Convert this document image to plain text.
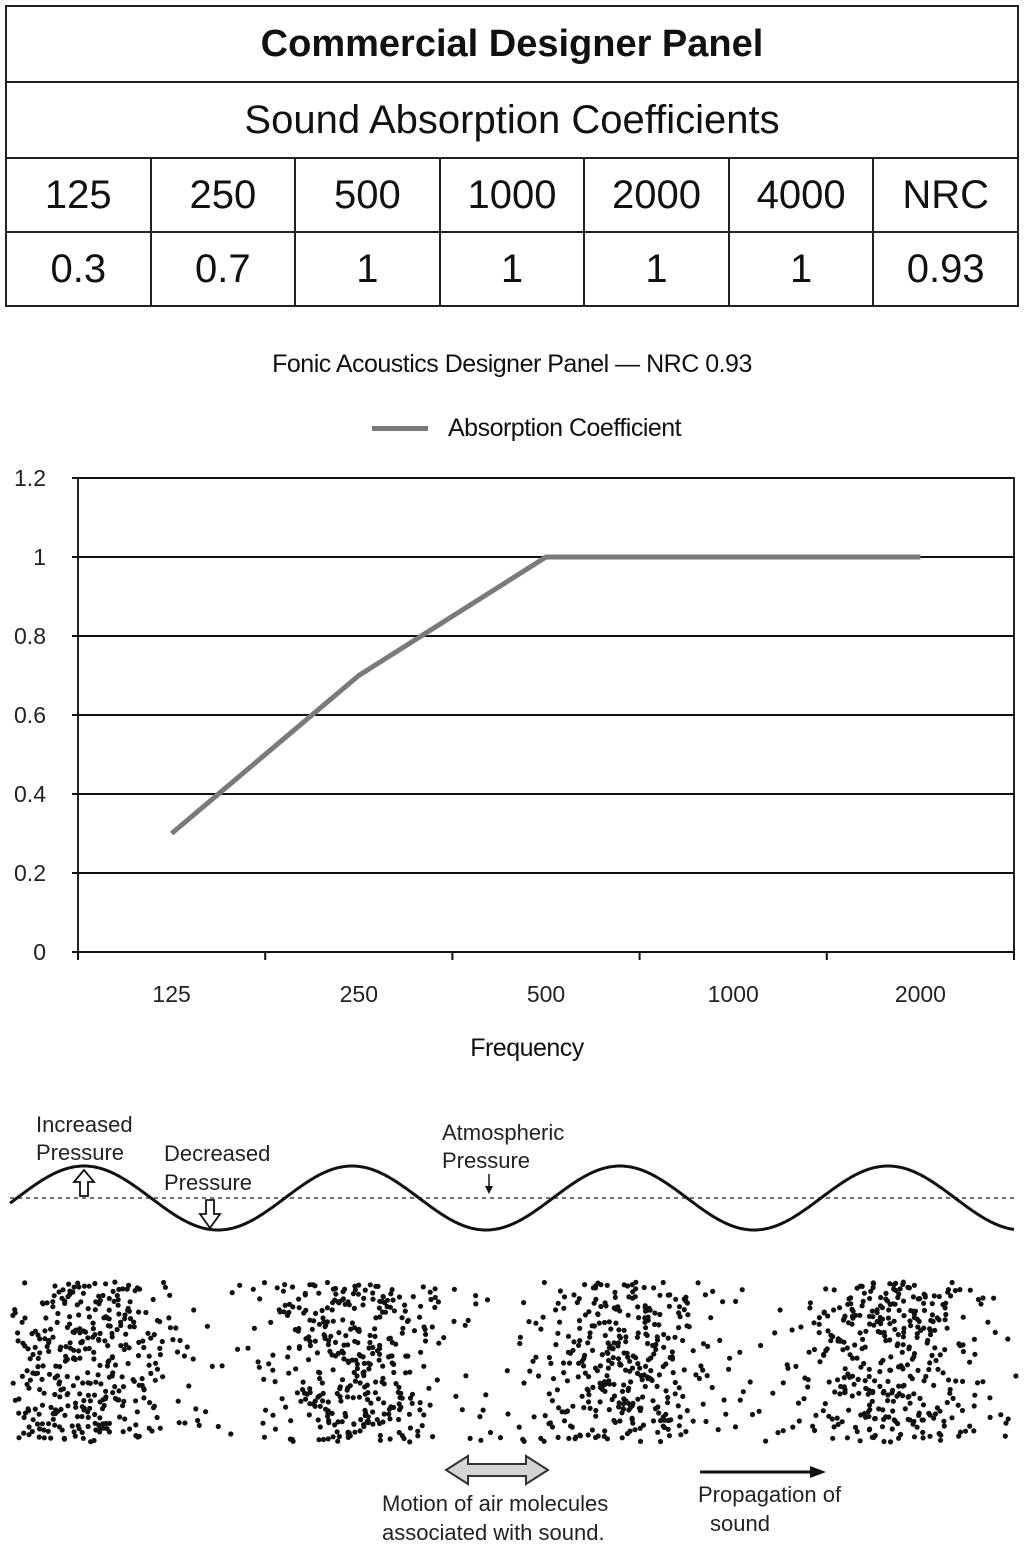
Commercial Designer Panel						
Sound Absorption Coefficients						
125	250	500	1000	2000	4000	NRC
0.3	0.7	1	1	1	1	0.93
Fonic Acoustics Designer Panel — NRC 0.93
Absorption Coefficient
0
0.2
0.4
0.6
0.8
1
1.2
125	250	500	1000	2000
Frequency
Increased
Pressure Decreased
Pressure
Atmospheric
Pressure
Motion of air molecules
associated with sound.
Propagation of
sound
